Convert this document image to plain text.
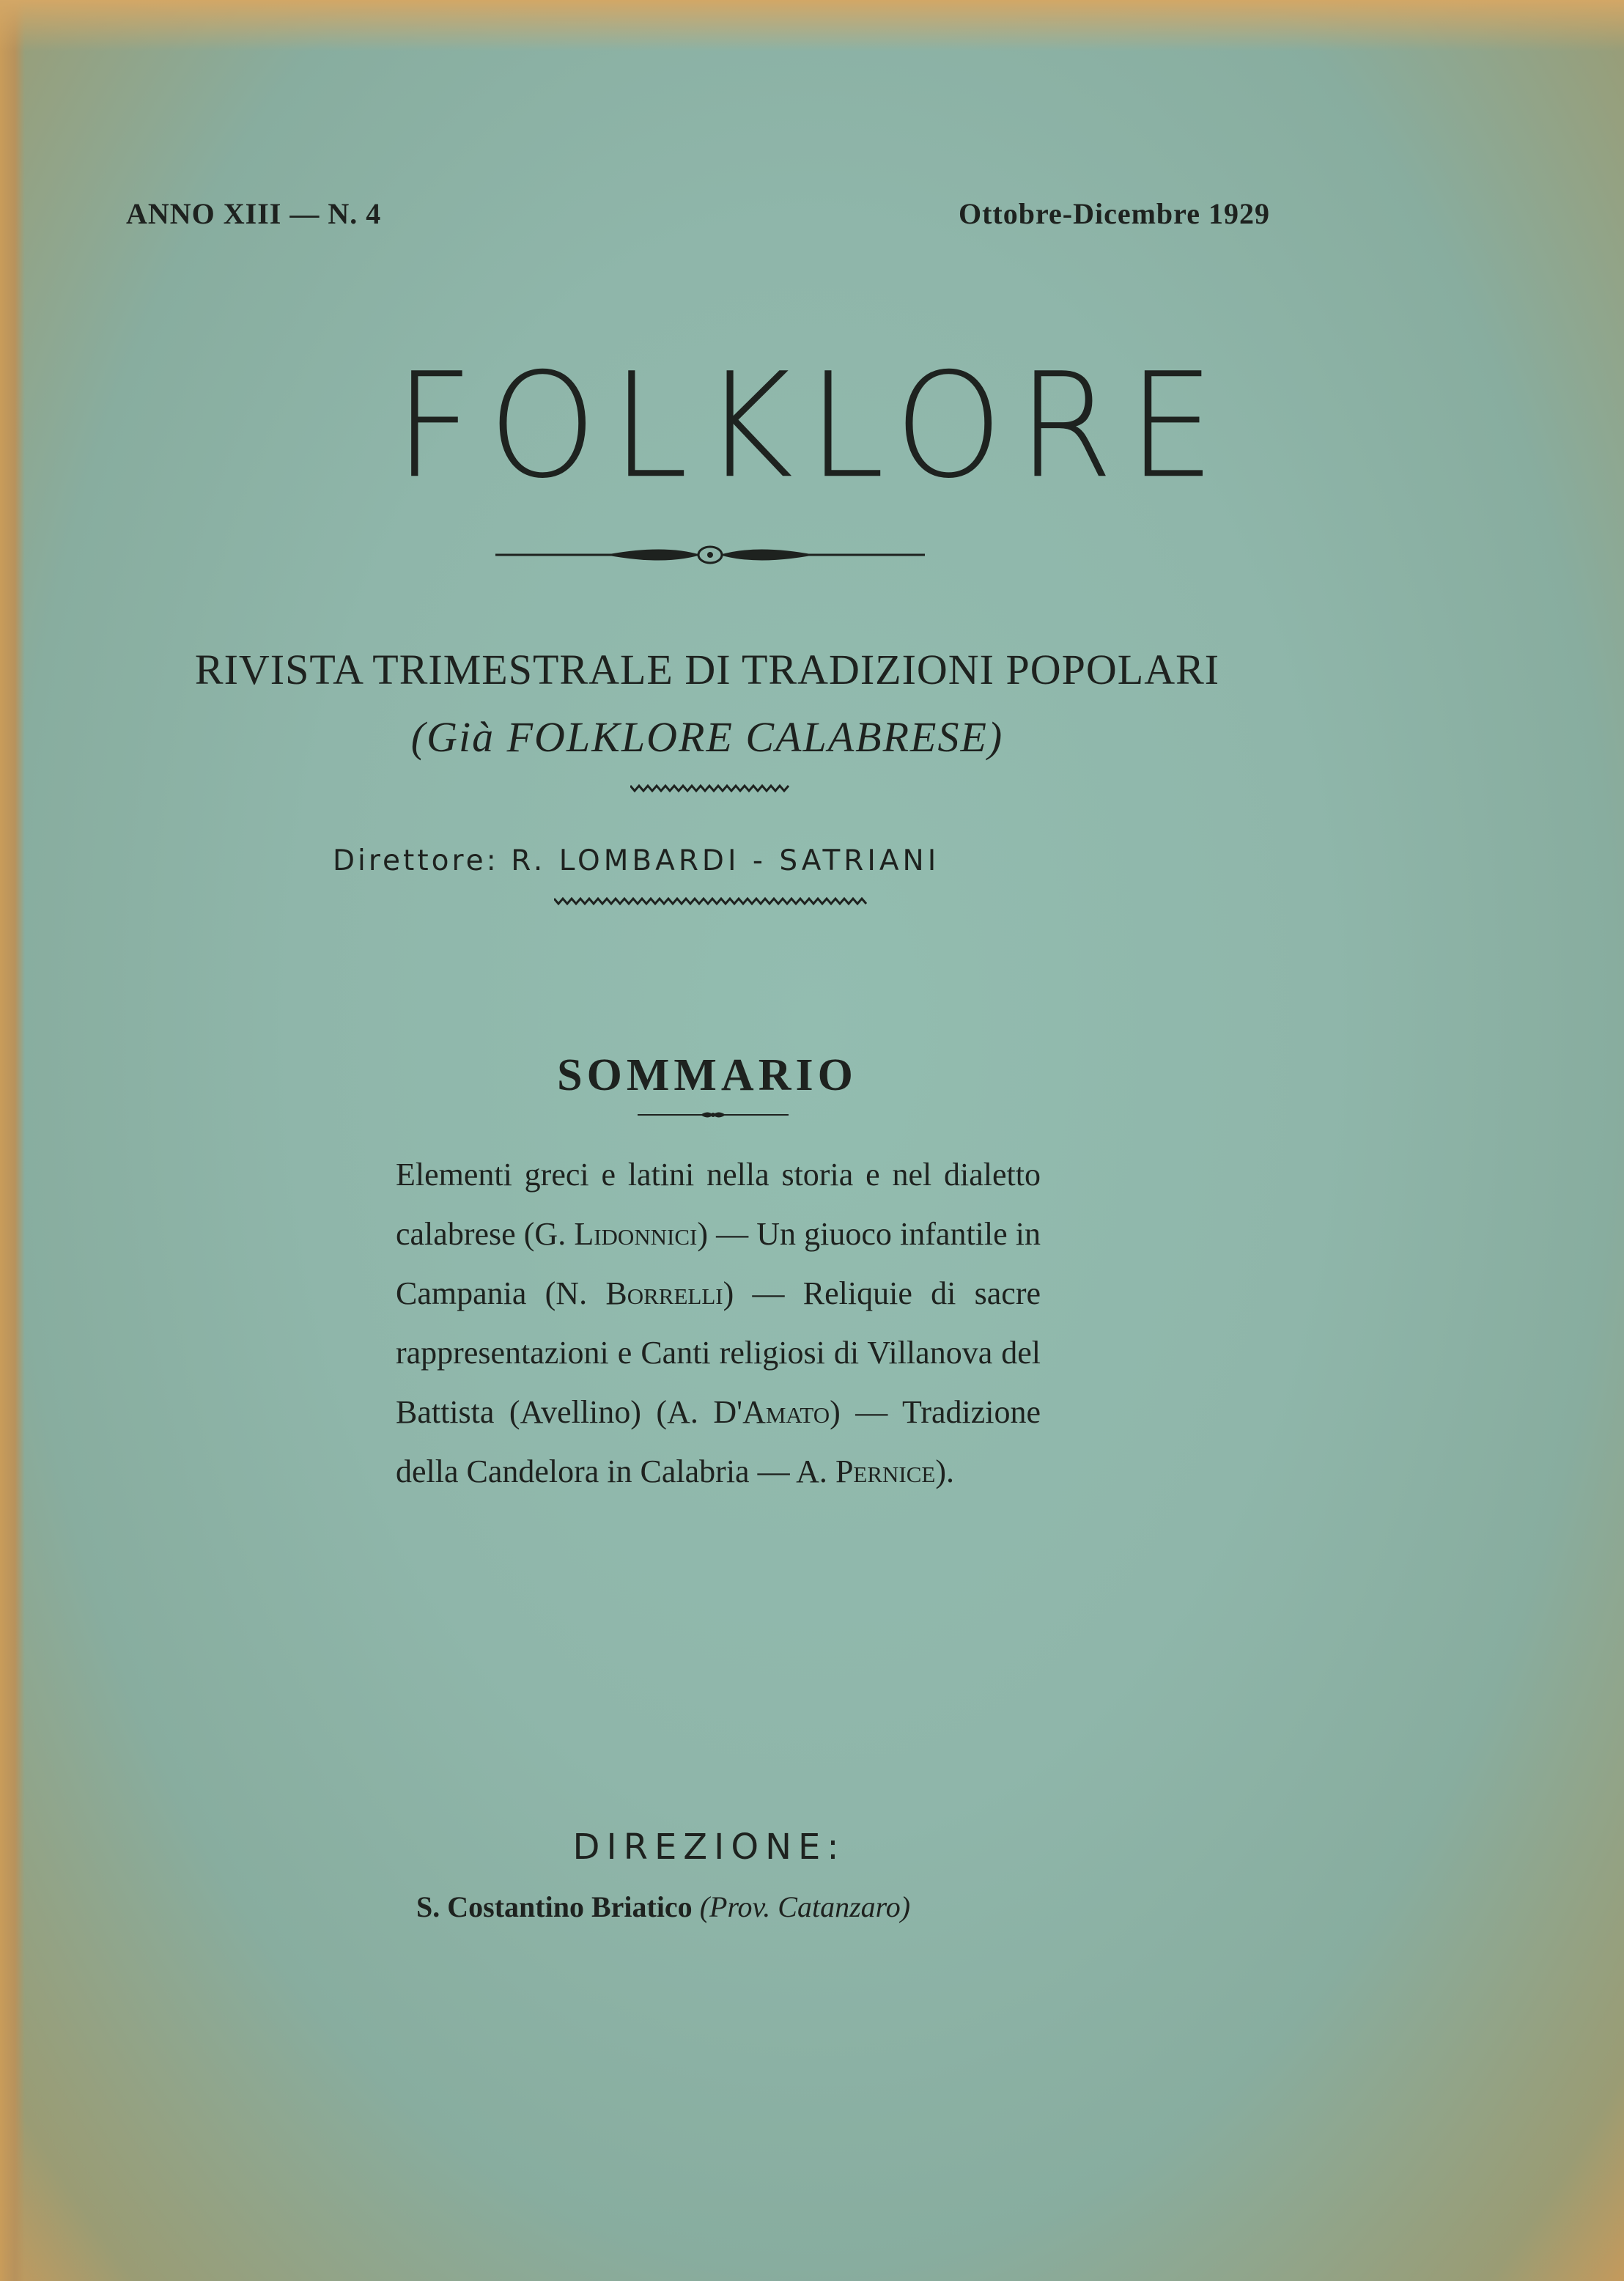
ANNO XIII — N. 4	Ottobre-Dicembre 1929
FOLKLORE
RIVISTA TRIMESTRALE DI TRADIZIONI POPOLARI
(Già FOLKLORE CALABRESE)
Direttore: R. LOMBARDI - SATRIANI
SOMMARIO
Elementi greci e latini nella storia e nel dialetto calabrese (G. Lidonnici) — Un giuoco infantile in Campania (N. Borrelli) — Reliquie di sacre rappresentazioni e Canti religiosi di Villanova del Battista (Avellino) (A. D'Amato) — Tradizione della Candelora in Calabria — A. Pernice).
DIREZIONE:
S. Costantino Briatico (Prov. Catanzaro)
